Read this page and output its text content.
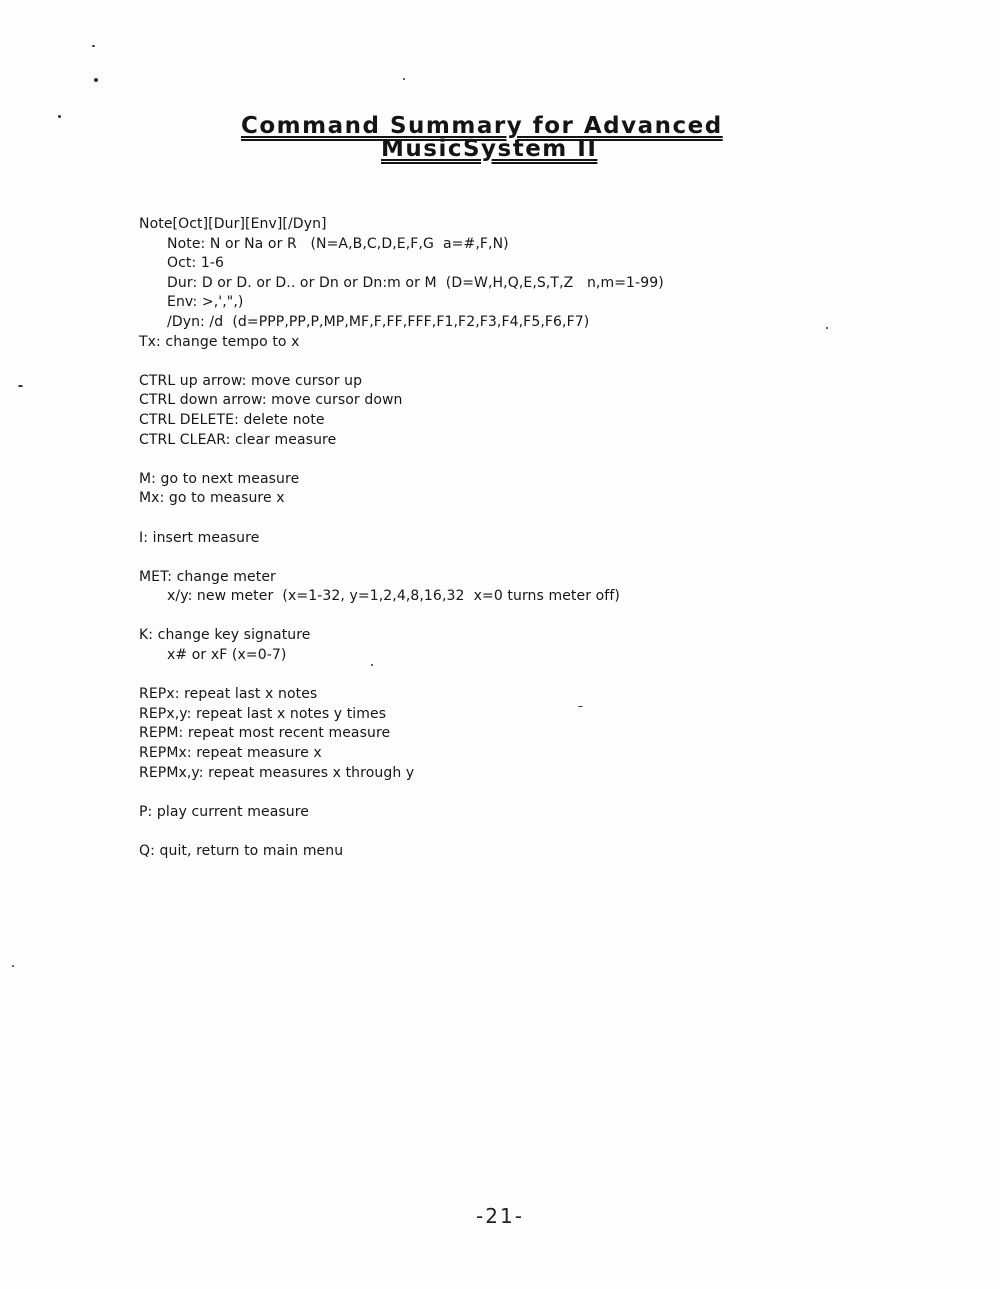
Command Summary for Advanced
MusicSystem II
Note[Oct][Dur][Env][/Dyn]
Note: N or Na or R   (N=A,B,C,D,E,F,G  a=#,F,N)
Oct: 1-6
Dur: D or D. or D.. or Dn or Dn:m or M  (D=W,H,Q,E,S,T,Z   n,m=1-99)
Env: >,',",)
/Dyn: /d  (d=PPP,PP,P,MP,MF,F,FF,FFF,F1,F2,F3,F4,F5,F6,F7)
Tx: change tempo to x
CTRL up arrow: move cursor up
CTRL down arrow: move cursor down
CTRL DELETE: delete note
CTRL CLEAR: clear measure
M: go to next measure
Mx: go to measure x
I: insert measure
MET: change meter
x/y: new meter  (x=1-32, y=1,2,4,8,16,32  x=0 turns meter off)
K: change key signature
x# or xF (x=0-7)
REPx: repeat last x notes
REPx,y: repeat last x notes y times
REPM: repeat most recent measure
REPMx: repeat measure x
REPMx,y: repeat measures x through y
P: play current measure
Q: quit, return to main menu
-21-
